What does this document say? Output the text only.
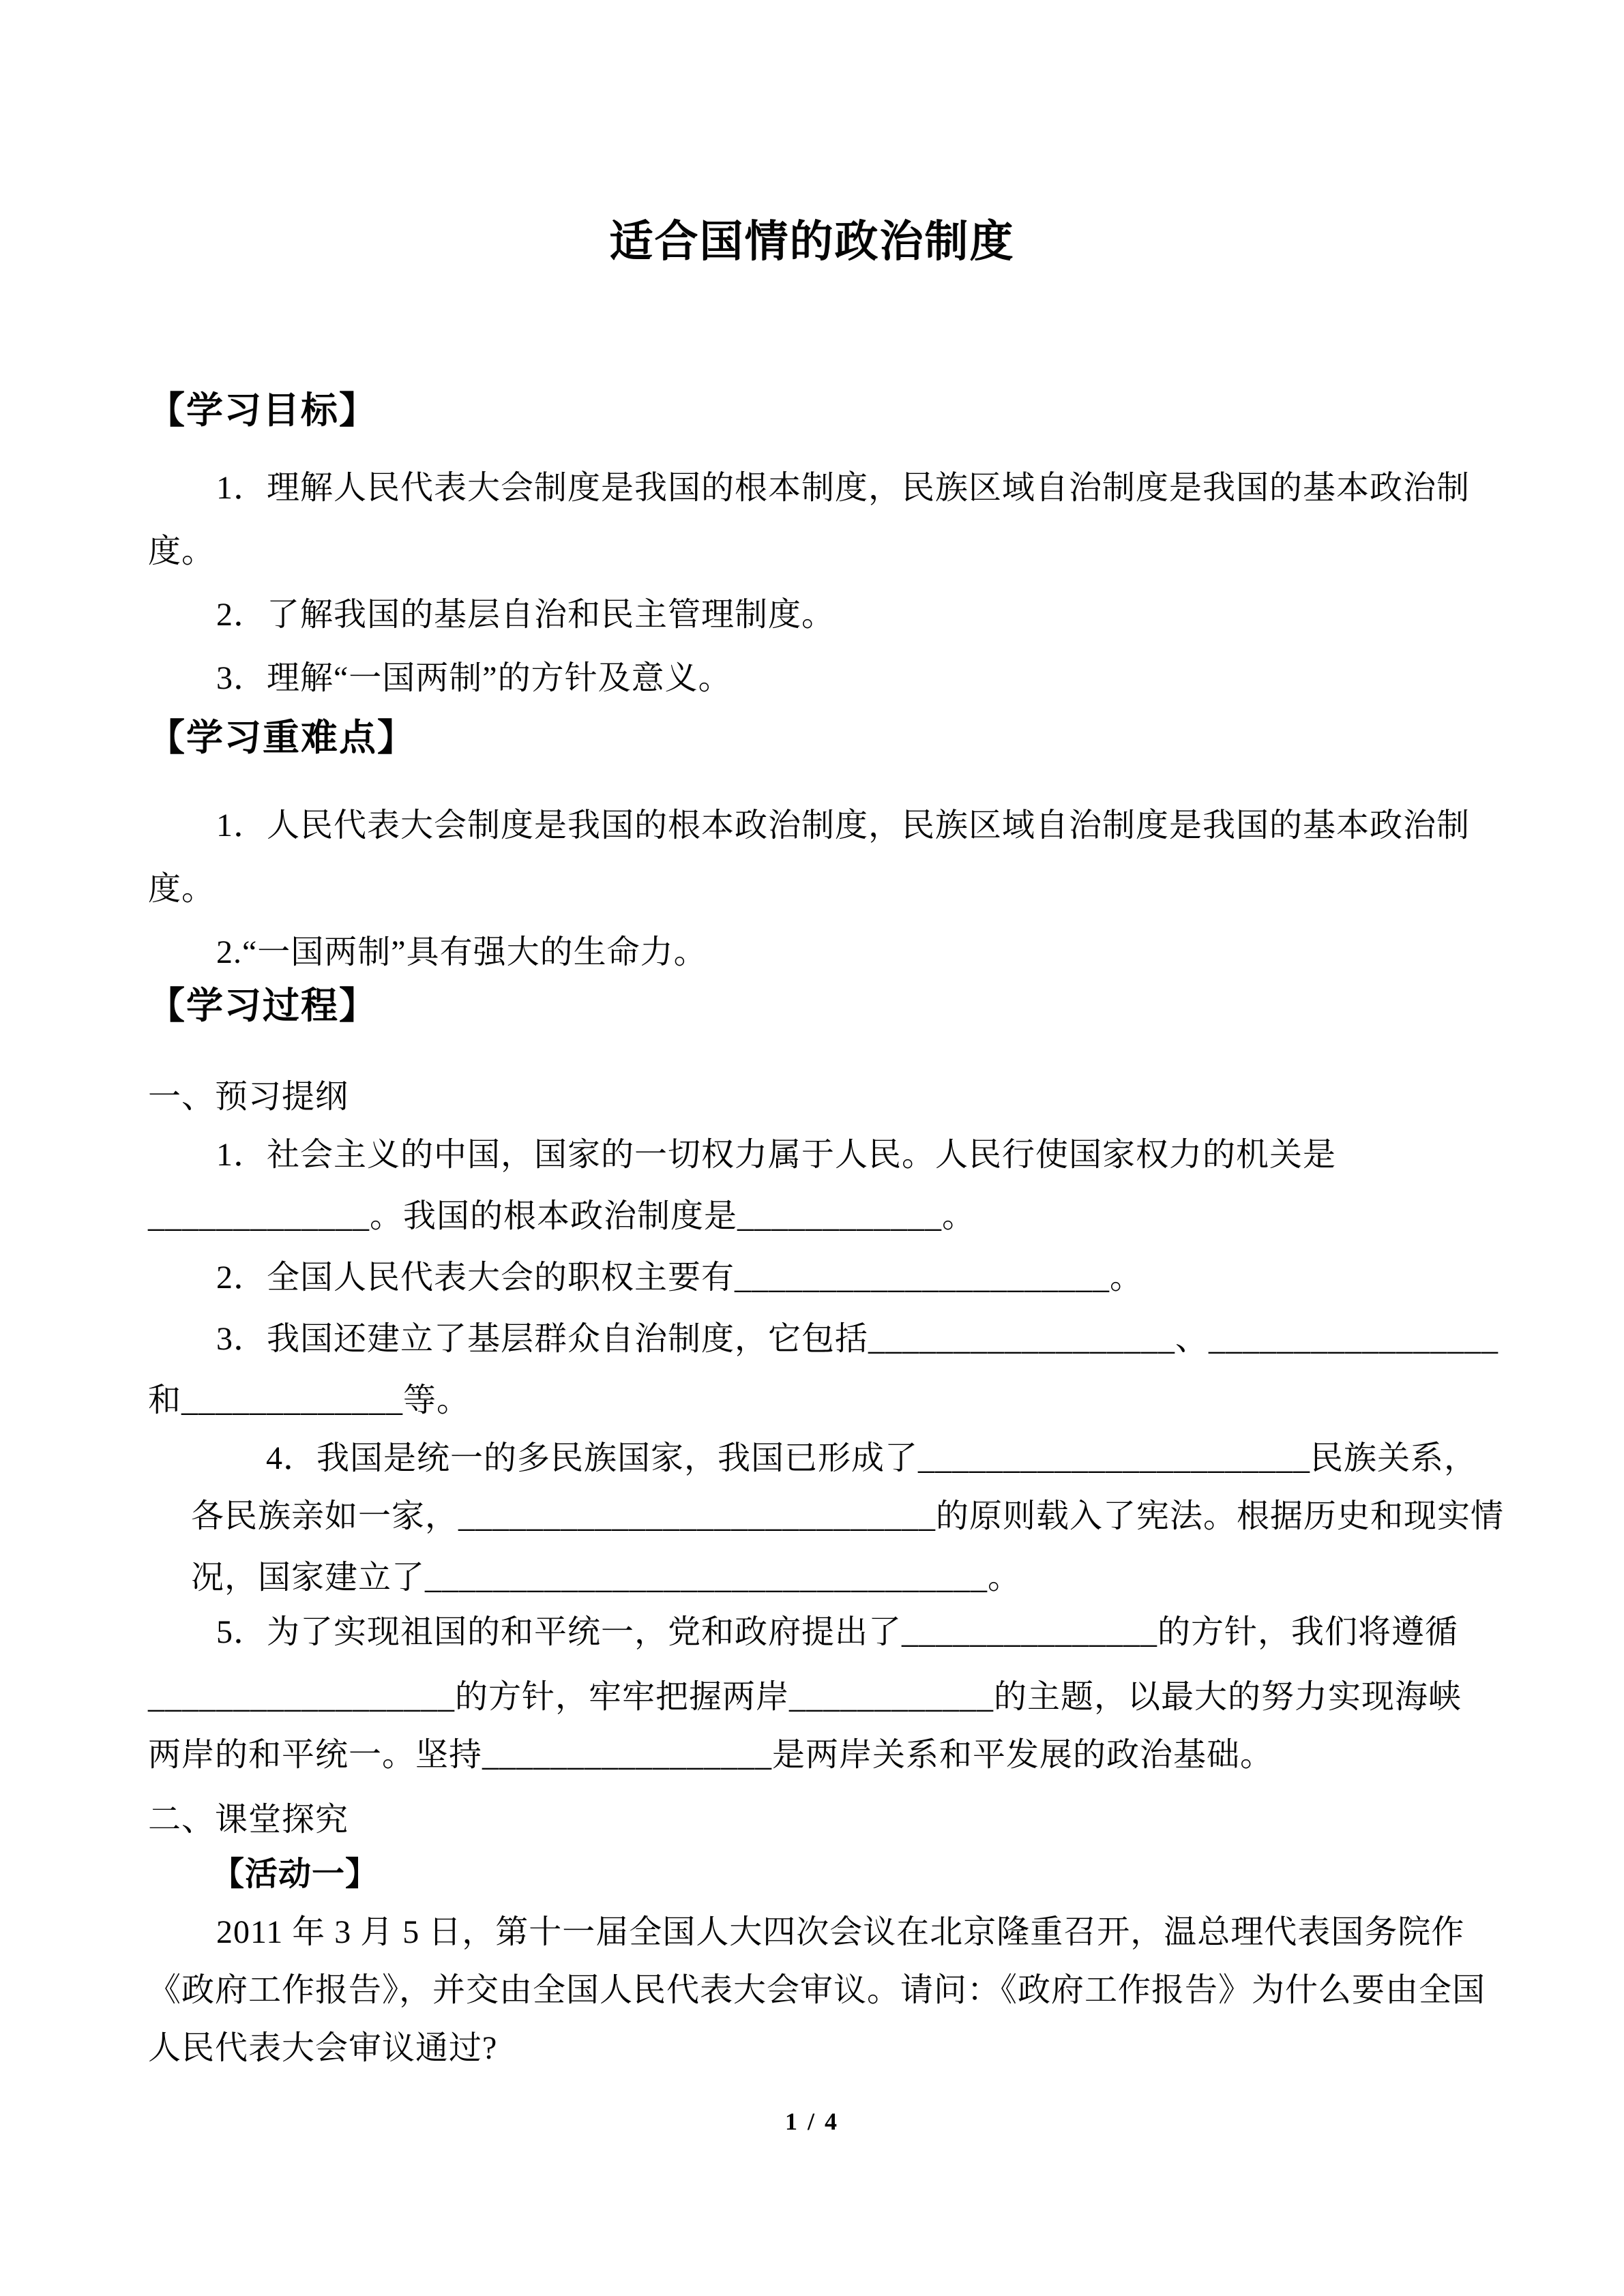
适合国情的政治制度
【学习目标】
1．理解人民代表大会制度是我国的根本制度，民族区域自治制度是我国的基本政治制
度。
2．了解我国的基层自治和民主管理制度。
3．理解“一国两制”的方针及意义。
【学习重难点】
1．人民代表大会制度是我国的根本政治制度，民族区域自治制度是我国的基本政治制
度。
2.“一国两制”具有强大的生命力。
【学习过程】
一、预习提纲
1．社会主义的中国，国家的一切权力属于人民。人民行使国家权力的机关是
_____________。我国的根本政治制度是____________。
2．全国人民代表大会的职权主要有______________________。
3．我国还建立了基层群众自治制度，它包括__________________、_________________
和_____________等。
4．我国是统一的多民族国家，我国已形成了_______________________民族关系，
各民族亲如一家，____________________________的原则载入了宪法。根据历史和现实情
况，国家建立了_________________________________。
5．为了实现祖国的和平统一，党和政府提出了_______________的方针，我们将遵循
__________________的方针，牢牢把握两岸____________的主题，以最大的努力实现海峡
两岸的和平统一。坚持_________________是两岸关系和平发展的政治基础。
二、课堂探究
【活动一】
2011 年 3 月 5 日，第十一届全国人大四次会议在北京隆重召开，温总理代表国务院作
《政府工作报告》，并交由全国人民代表大会审议。请问：《政府工作报告》为什么要由全国
人民代表大会审议通过?
1 / 4
